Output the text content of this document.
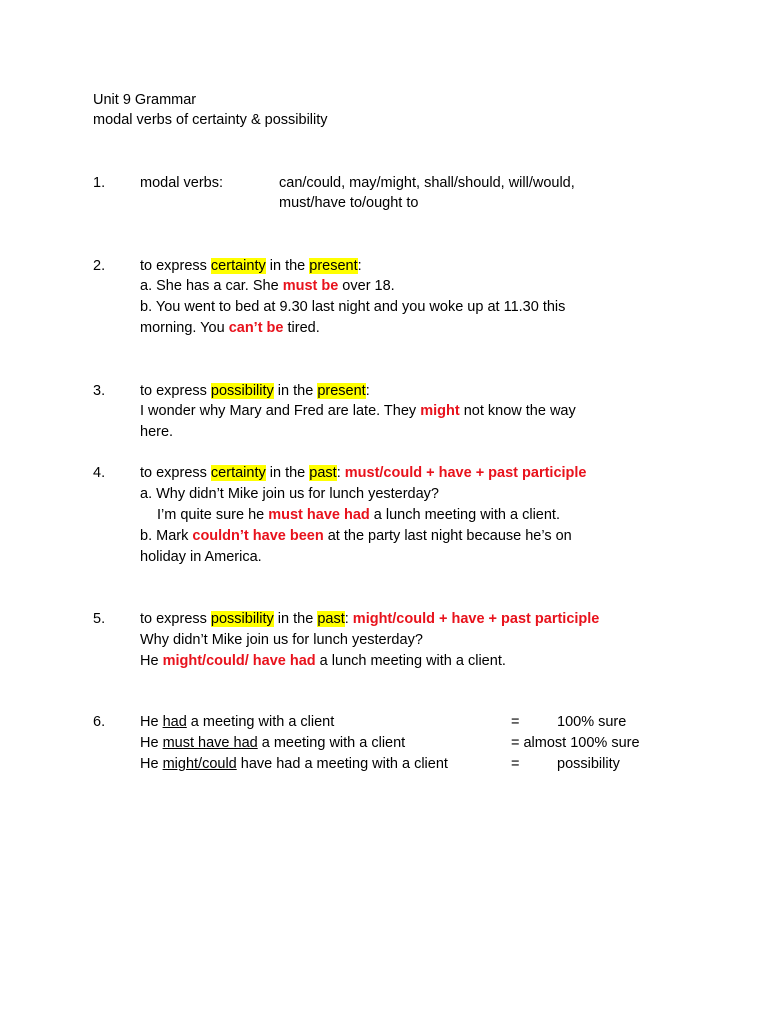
Unit 9 Grammar
modal verbs of certainty & possibility
1. modal verbs:	can/could, may/might, shall/should, will/would,
must/have to/ought to
2. to express certainty in the present:
a. She has a car. She must be over 18.
b. You went to bed at 9.30 last night and you woke up at 11.30 this
morning. You can’t be tired.
3. to express possibility in the present:
I wonder why Mary and Fred are late. They might not know the way
here.
4. to express certainty in the past: must/could + have + past participle
a. Why didn’t Mike join us for lunch yesterday?
I’m quite sure he must have had a lunch meeting with a client.
b. Mark couldn’t have been at the party last night because he’s on
holiday in America.
5. to express possibility in the past: might/could + have + past participle
Why didn’t Mike join us for lunch yesterday?
He might/could/ have had a lunch meeting with a client.
6. He had a meeting with a client	=	100% sure
He must have had a meeting with a client	= almost 100% sure
He might/could have had a meeting with a client	=	possibility
